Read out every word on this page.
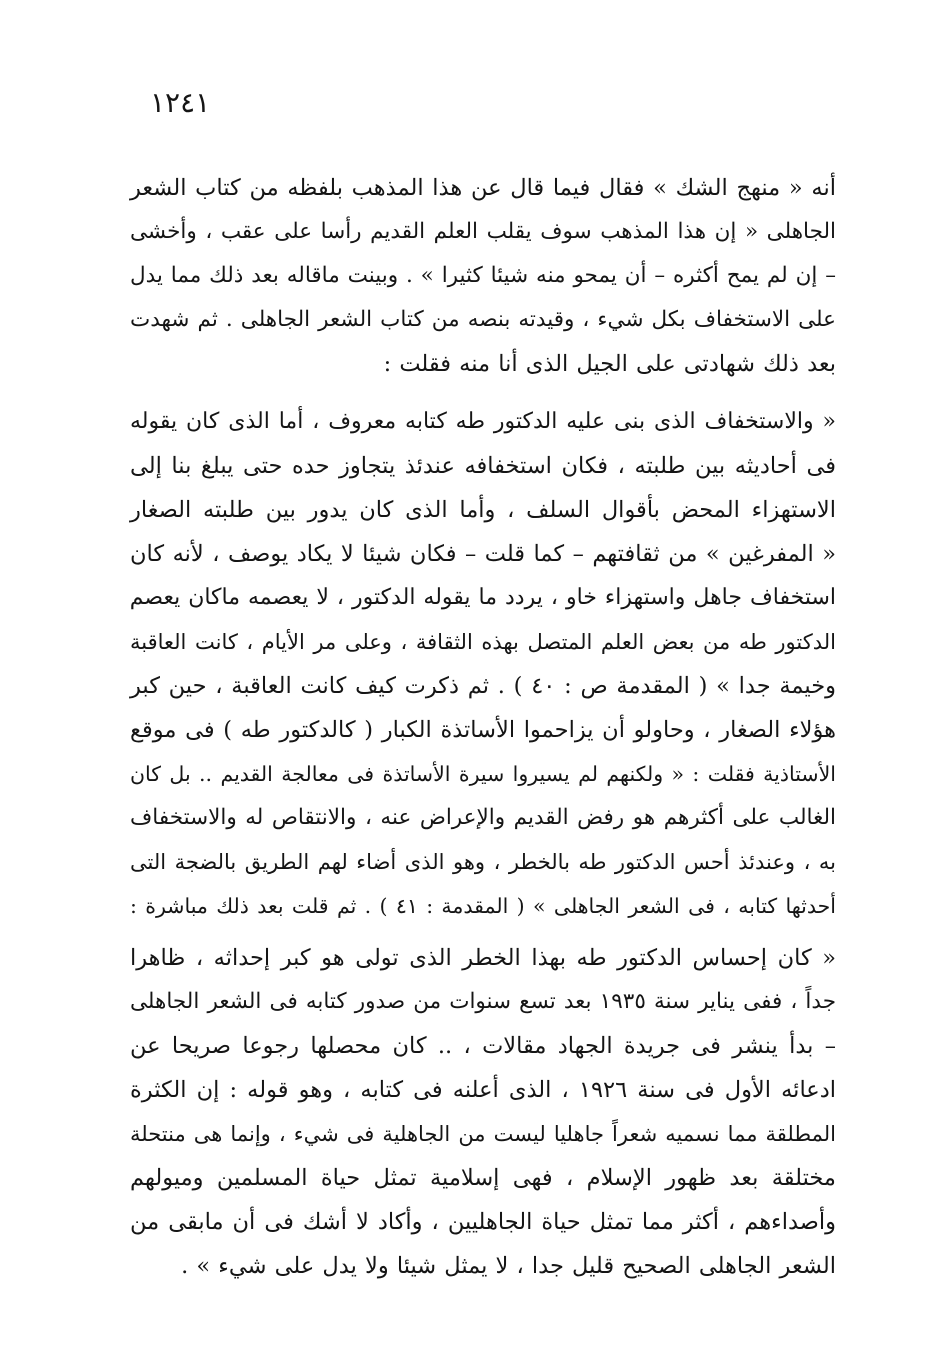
١٢٤١
أنه « منهج الشك » فقال فيما قال عن هذا المذهب بلفظه من كتاب الشعر
الجاهلى « إن هذا المذهب سوف يقلب العلم القديم رأسا على عقب ، وأخشى
– إن لم يمح أكثره – أن يمحو منه شيئا كثيرا » . وبينت ماقاله بعد ذلك مما يدل
على الاستخفاف بكل شيء ، وقيدته بنصه من كتاب الشعر الجاهلى . ثم شهدت
بعد ذلك شهادتى على الجيل الذى أنا منه فقلت :
« والاستخفاف الذى بنى عليه الدكتور طه كتابه معروف ، أما الذى كان يقوله
فى أحاديثه بين طلبته ، فكان استخفافه عندئذ يتجاوز حده حتى يبلغ بنا إلى
الاستهزاء المحض بأقوال السلف ، وأما الذى كان يدور بين طلبته الصغار
« المفرغين » من ثقافتهم – كما قلت – فكان شيئا لا يكاد يوصف ، لأنه كان
استخفاف جاهل واستهزاء خاو ، يردد ما يقوله الدكتور ، لا يعصمه ماكان يعصم
الدكتور طه من بعض العلم المتصل بهذه الثقافة ، وعلى مر الأيام ، كانت العاقبة
وخيمة جدا » ( المقدمة ص : ٤٠ ) . ثم ذكرت كيف كانت العاقبة ، حين كبر
هؤلاء الصغار ، وحاولو أن يزاحموا الأساتذة الكبار ( كالدكتور طه ) فى موقع
الأستاذية فقلت : « ولكنهم لم يسيروا سيرة الأساتذة فى معالجة القديم .. بل كان
الغالب على أكثرهم هو رفض القديم والإعراض عنه ، والانتقاص له والاستخفاف
به ، وعندئذ أحس الدكتور طه بالخطر ، وهو الذى أضاء لهم الطريق بالضجة التى
أحدثها كتابه ، فى الشعر الجاهلى » ( المقدمة : ٤١ ) . ثم قلت بعد ذلك مباشرة :
« كان إحساس الدكتور طه بهذا الخطر الذى تولى هو كبر إحداثه ، ظاهرا
جداً ، ففى يناير سنة ١٩٣٥ بعد تسع سنوات من صدور كتابه فى الشعر الجاهلى
– بدأ ينشر فى جريدة الجهاد مقالات ، .. كان محصلها رجوعا صريحا عن
ادعائه الأول فى سنة ١٩٢٦ ، الذى أعلنه فى كتابه ، وهو قوله : إن الكثرة
المطلقة مما نسميه شعراً جاهليا ليست من الجاهلية فى شيء ، وإنما هى منتحلة
مختلقة بعد ظهور الإسلام ، فهى إسلامية تمثل حياة المسلمين وميولهم
وأصداءهم ، أكثر مما تمثل حياة الجاهليين ، وأكاد لا أشك فى أن مابقى من
الشعر الجاهلى الصحيح قليل جدا ، لا يمثل شيئا ولا يدل على شيء » .
